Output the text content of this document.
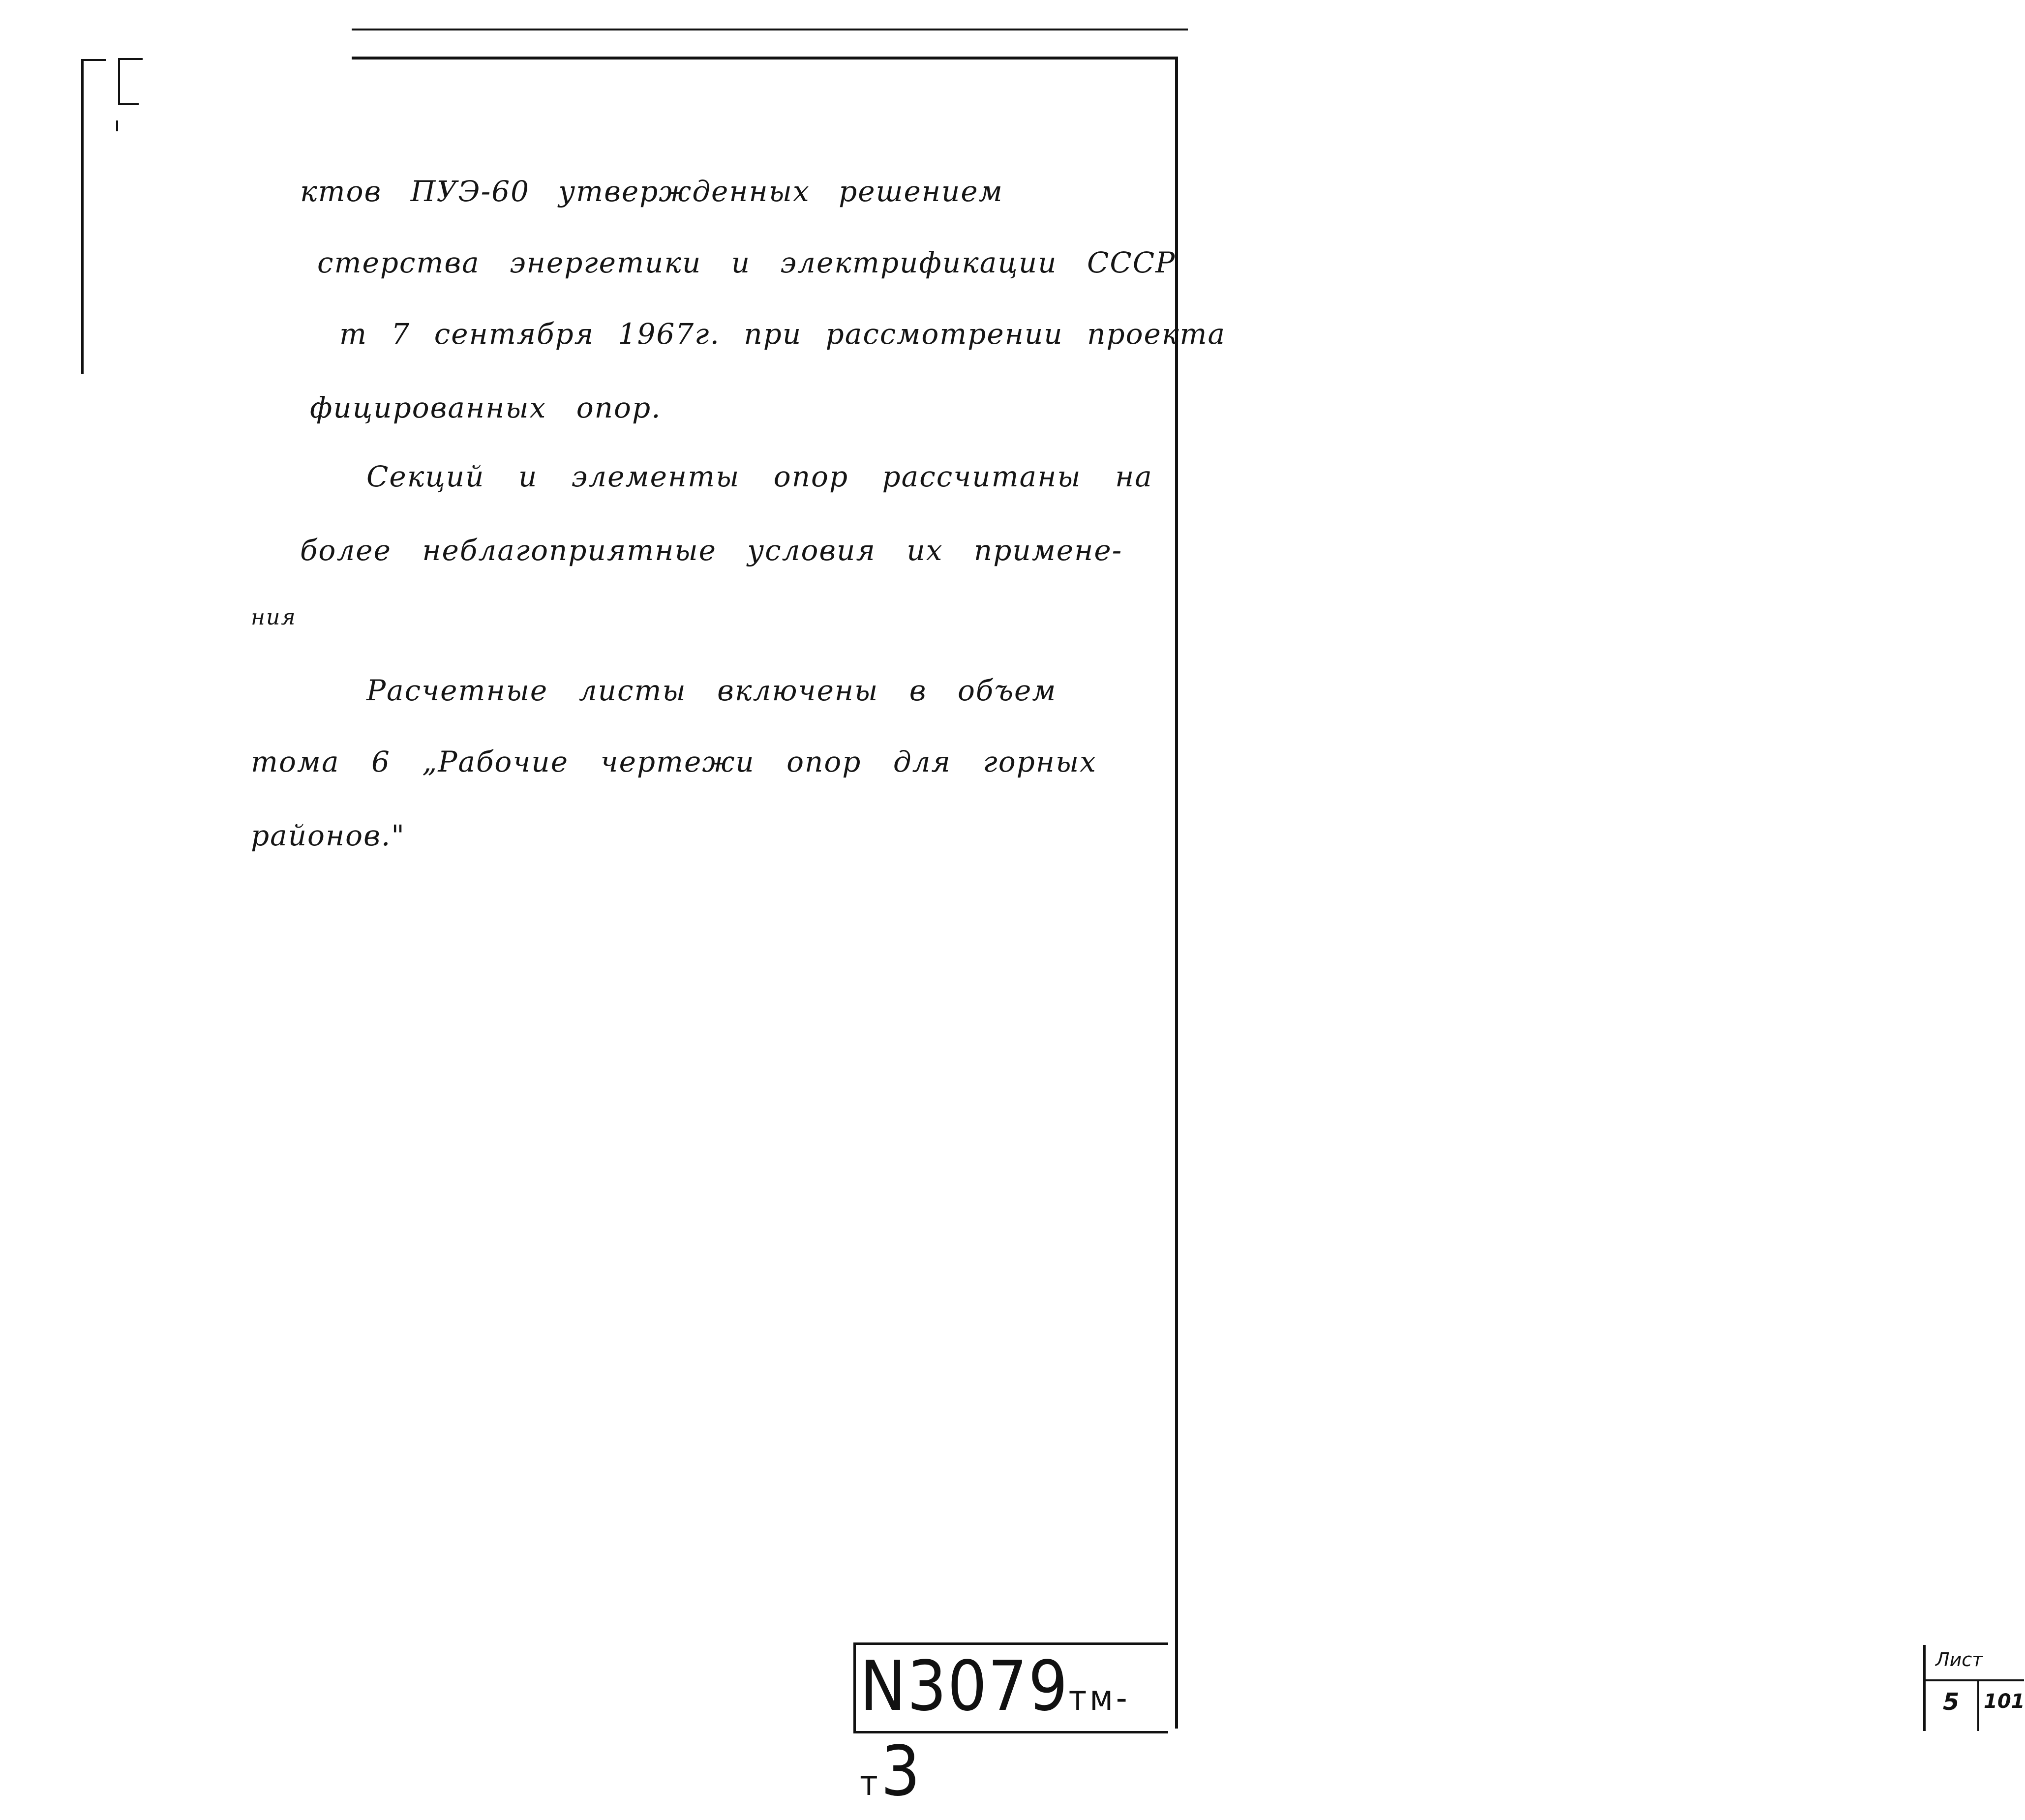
ктов ПУЭ-60 утвержденных решением
стерства энергетики и электрификации СССР
т 7 сентября 1967г. при рассмотрении проекта
фицированных опор.
Секций и элементы опор рассчитаны на
более неблагоприятные условия их примене-
ния
Расчетные листы включены в объем
тома 6 „Рабочие чертежи опор для горных
районов."
N3079тм-т3
Лист
5 101
